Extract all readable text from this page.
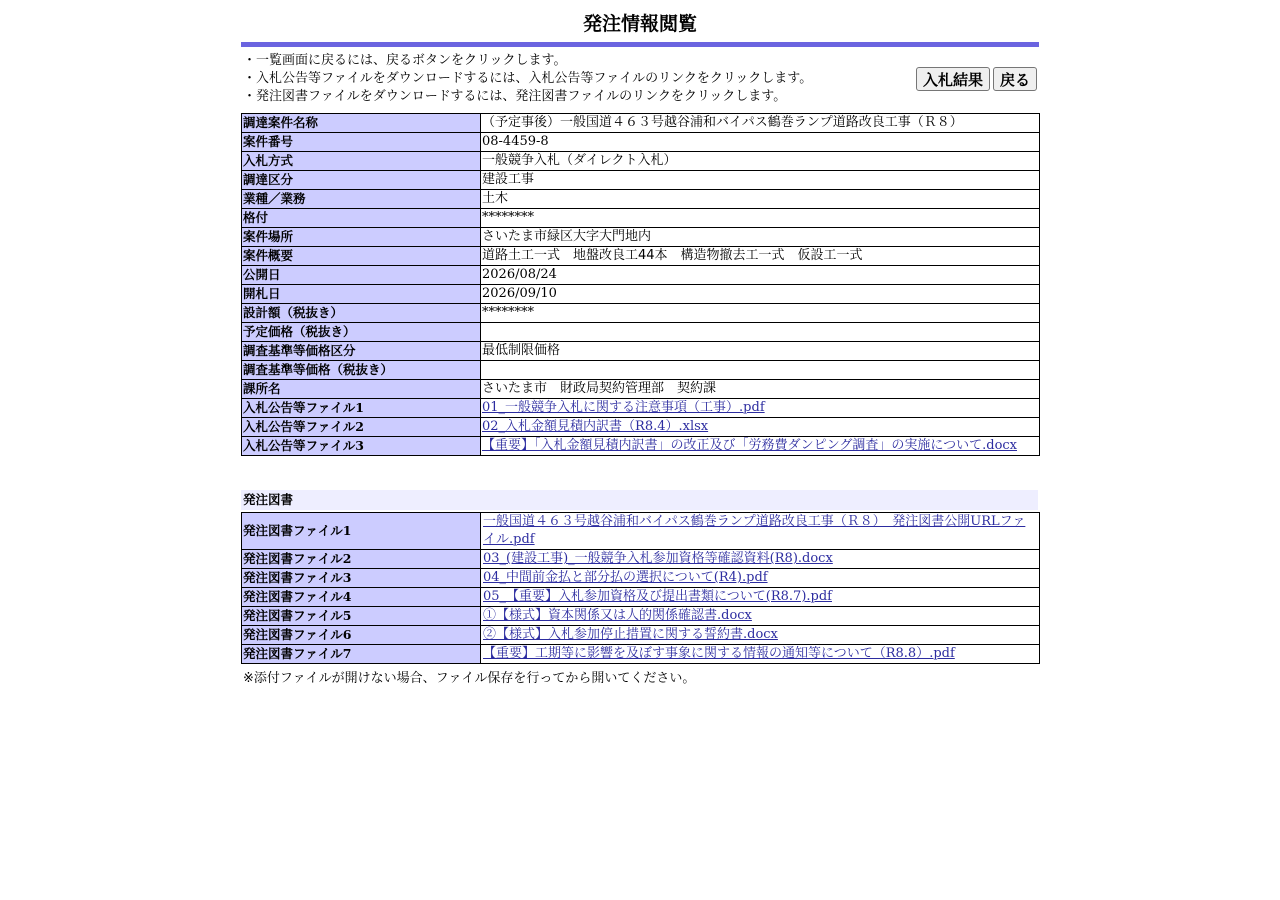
発注情報閲覧
・一覧画面に戻るには、戻るボタンをクリックします。
・入札公告等ファイルをダウンロードするには、入札公告等ファイルのリンクをクリックします。
・発注図書ファイルをダウンロードするには、発注図書ファイルのリンクをクリックします。
入札結果	戻る
調達案件名称	（予定事後）一般国道４６３号越谷浦和バイパス鶴巻ランプ道路改良工事（Ｒ８）
案件番号	08-4459-8
入札方式	一般競争入札（ダイレクト入札）
調達区分	建設工事
業種／業務	土木
格付	********
案件場所	さいたま市緑区大字大門地内
案件概要	道路土工一式　地盤改良工44本　構造物撤去工一式　仮設工一式
公開日	2026/08/24
開札日	2026/09/10
設計額（税抜き）	********
予定価格（税抜き）	
調査基準等価格区分	最低制限価格
調査基準等価格（税抜き）	
課所名	さいたま市　財政局契約管理部　契約課
入札公告等ファイル1	01_一般競争入札に関する注意事項（工事）.pdf
入札公告等ファイル2	02_入札金額見積内訳書（R8.4）.xlsx
入札公告等ファイル3	【重要】「入札金額見積内訳書」の改正及び「労務費ダンピング調査」の実施について.docx
発注図書
発注図書ファイル1	一般国道４６３号越谷浦和バイパス鶴巻ランプ道路改良工事（Ｒ８）　発注図書公開URLファイル.pdf
発注図書ファイル2	03_(建設工事)_一般競争入札参加資格等確認資料(R8).docx
発注図書ファイル3	04_中間前金払と部分払の選択について(R4).pdf
発注図書ファイル4	05_【重要】入札参加資格及び提出書類について(R8.7).pdf
発注図書ファイル5	①【様式】資本関係又は人的関係確認書.docx
発注図書ファイル6	②【様式】入札参加停止措置に関する誓約書.docx
発注図書ファイル7	【重要】工期等に影響を及ぼす事象に関する情報の通知等について（R8.8）.pdf
※添付ファイルが開けない場合、ファイル保存を行ってから開いてください。
